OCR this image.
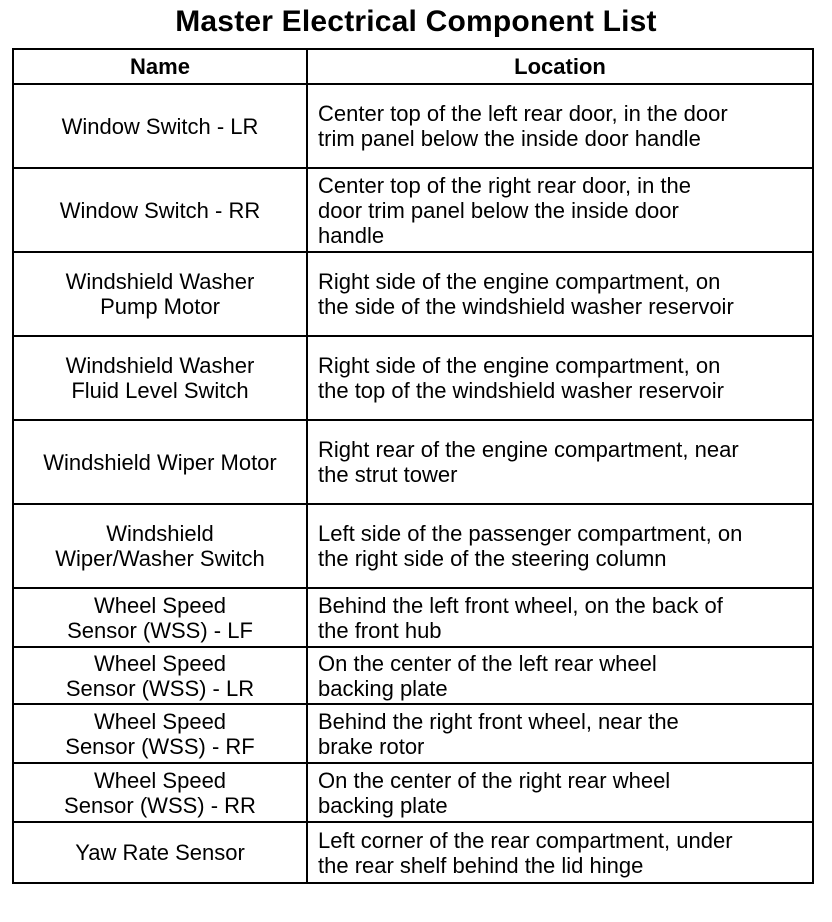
Master Electrical Component List
Name	Location
Window Switch - LR	Center top of the left rear door, in the door
trim panel below the inside door handle
Window Switch - RR	Center top of the right rear door, in the
door trim panel below the inside door
handle
Windshield Washer
Pump Motor	Right side of the engine compartment, on
the side of the windshield washer reservoir
Windshield Washer
Fluid Level Switch	Right side of the engine compartment, on
the top of the windshield washer reservoir
Windshield Wiper Motor	Right rear of the engine compartment, near
the strut tower
Windshield
Wiper/Washer Switch	Left side of the passenger compartment, on
the right side of the steering column
Wheel Speed
Sensor (WSS) - LF	Behind the left front wheel, on the back of
the front hub
Wheel Speed
Sensor (WSS) - LR	On the center of the left rear wheel
backing plate
Wheel Speed
Sensor (WSS) - RF	Behind the right front wheel, near the
brake rotor
Wheel Speed
Sensor (WSS) - RR	On the center of the right rear wheel
backing plate
Yaw Rate Sensor	Left corner of the rear compartment, under
the rear shelf behind the lid hinge
